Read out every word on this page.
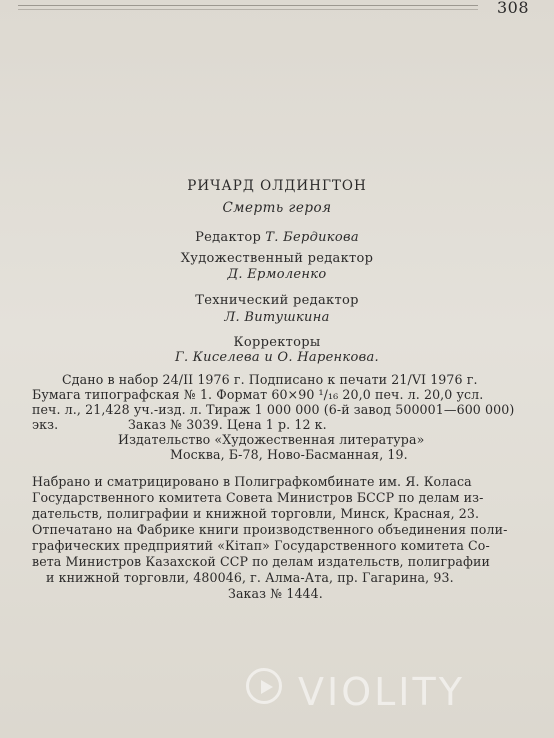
308
РИЧАРД ОЛДИНГТОН
Смерть героя
Редактор Т. Бердикова
Художественный редактор
Д. Ермоленко
Технический редактор
Л. Витушкина
Корректоры
Г. Киселева и О. Наренкова.
Сдано в набор 24/II 1976 г. Подписано к печати 21/VI 1976 г.
Бумага типографская № 1. Формат 60×90 ¹/₁₆ 20,0 печ. л. 20,0 усл.
печ. л., 21,428 уч.-изд. л. Тираж 1 000 000 (6-й завод 500001—600 000)
экз.                 Заказ № 3039. Цена 1 р. 12 к.
Издательство «Художественная литература»
Москва, Б-78, Ново-Басманная, 19.
Набрано и сматрицировано в Полиграфкомбинате им. Я. Коласа
Государственного комитета Совета Министров БССР по делам из-
дательств, полиграфии и книжной торговли, Минск, Красная, 23.
Отпечатано на Фабрике книги производственного объединения поли-
графических предприятий «Кітап» Государственного комитета Со-
вета Министров Казахской ССР по делам издательств, полиграфии
и книжной торговли, 480046, г. Алма-Ата, пр. Гагарина, 93.
Заказ № 1444.
VIOLITY
